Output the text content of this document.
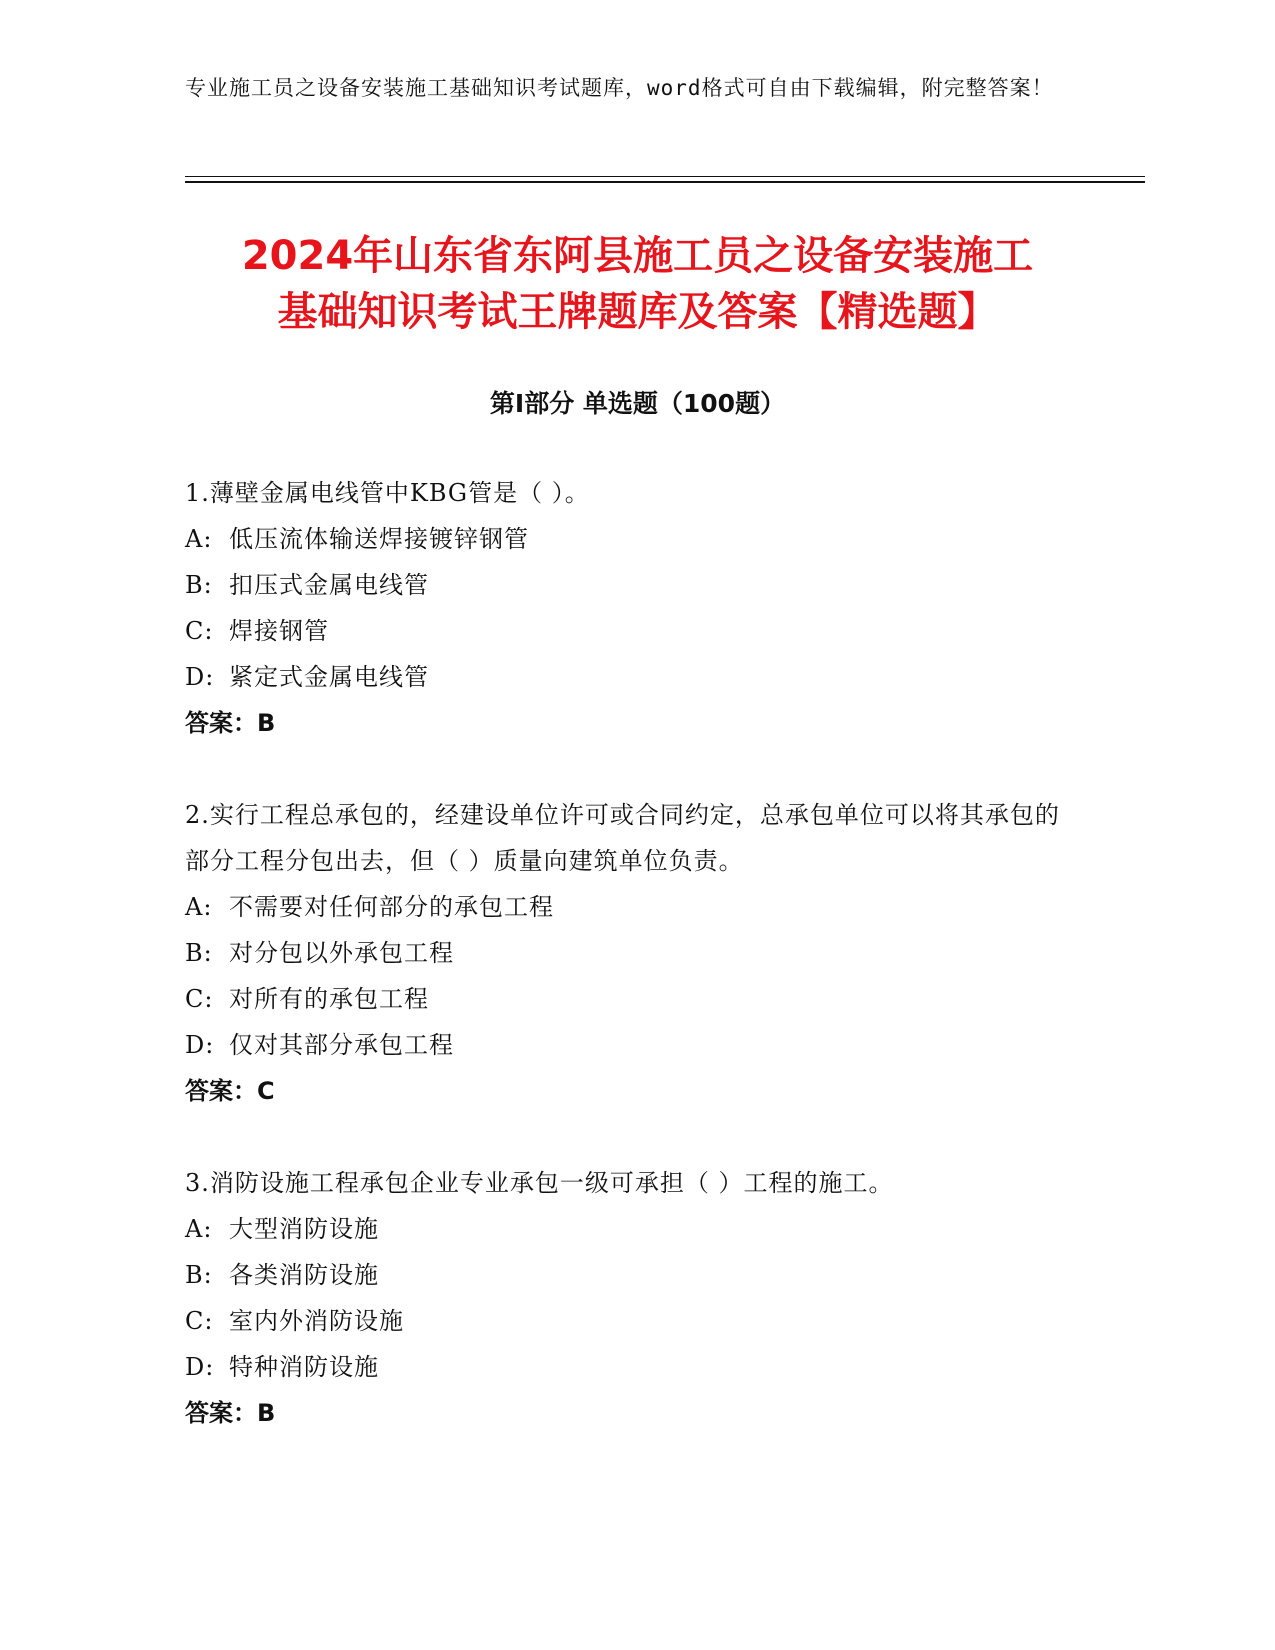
专业施工员之设备安装施工基础知识考试题库，word格式可自由下载编辑，附完整答案！
2024年山东省东阿县施工员之设备安装施工
基础知识考试王牌题库及答案【精选题】
第Ⅰ部分 单选题（100题）

1.薄壁金属电线管中KBG管是（ ）。

A: 低压流体输送焊接镀锌钢管

B: 扣压式金属电线管

C: 焊接钢管

D: 紧定式金属电线管

答案：B

2.实行工程总承包的，经建设单位许可或合同约定，总承包单位可以将其承包的部分工程分包出去，但（ ）质量向建筑单位负责。

A: 不需要对任何部分的承包工程

B: 对分包以外承包工程

C: 对所有的承包工程

D: 仅对其部分承包工程

答案：C

3.消防设施工程承包企业专业承包一级可承担（ ）工程的施工。

A: 大型消防设施

B: 各类消防设施

C: 室内外消防设施

D: 特种消防设施

答案：B
